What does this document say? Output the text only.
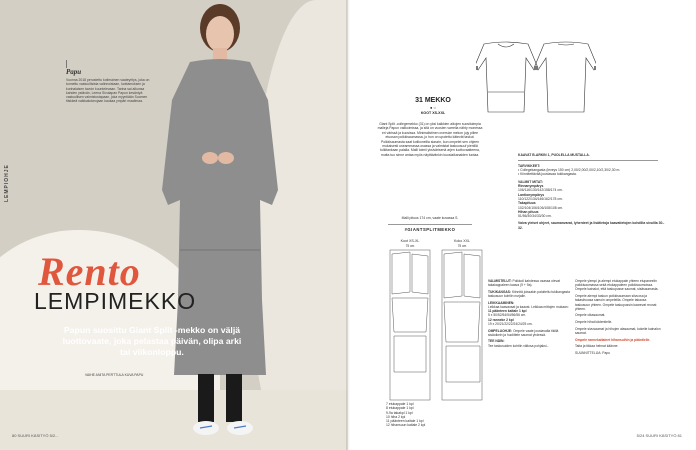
LEMPIOHJE

Papu

Vuonna 2018 perustettu kotimainen vaateyritys, joka on tunnettu vastuullisista valinnoistaan, luottamuksen ja kurinalaisen tavoin kuuntelevaan. Tarina sai alkunsa kahden ystävän, Leena Sivutapan Papun kesäntyä vastuullisen valmistustapaan, joka myyntiään Suomen tiiskkeä vaikkakokeojaan kaukaa ympäri maailmaa.

Rento
LEMPIMEKKO

Papun suosittu Giant Split -mekko on väljä luottovaate, joka pelastaa päivän, olipa arki tai viikonloppu.

VAIHE ANITA PERTTULA KUVA PAPU
80 SUURI KÄSITYÖ 5/2...

31 MEKKO

● ○

KOOT XS-XXL

Giant Split -collegemekko (31) on yksi kaikkien aikojen suosituimpia malleja Papun valikoimissa, ja sitä on vuosien varrella nähty monessa eri värissä ja kuosissa. Minimalistinen oversize mekon jujy piilee etuosan poikkisaumassa, jo hon on upotettu kätevät taskut. Poikkisaumasta saat kotikoneilla siaszin, kun ompelet sen ohjeen mukaisesti useammassa osassa ja valmistat taskuosuuf pienillä tulkitankaan palalla. Malli toimii yksivärisenä arjen luottovaatteena, mutta tuo sinne antaa myös näyttävänkin kuosiaikanaiden tuotaa.

Malli pituus 174 cm, vaate kuvassa S.

#GIANTSPLITMEKKO
Koot XS-XL
75 cm
Koko XXL
75 cm
7 etukappale 1 kpl
8 etukappale 1 kpl
9-9a takakpl 1 kpl
10 hiha 2 kpl
11 päänteen kaitale 1 kpl
12 hihansuun kaitale 2 kpl

KAAVAT B-ARKIN 1, PUOLELLA MUSTALLA.

TARVIKKEET:
• Collegekangasta (leveys 150 cm) 2,00/2,00/2,00/2,10/2,30/2,30 m.
• Kiinnitettävää joustavaa tukikangasta.

VALMIIT MITAT:
Rinnanympärys
106/116/130/142/158/174 cm.
Lantionympärys
110/122/134/146/162/178 cm.
Takapituus
102/104/106/106/108/108 cm.
Hihan pituus
51/56/30/34/33/30 cm.

Vaiva yleiset ohjeet, saumanvarat, lyhenteet ja lisätietoja kaavatietojen kohdilla sivuilla 30–32.

VALMISTELUT: Poikkoil kahdessa osassa olevat takakappaleen kaava (9 + 9a).

TUKIKANGAS: Kiinnitä joissakin paloiteltu tukikangasta taskusuun kohtiin nurjalle.

LEIKKAAMINEN:
Leikkaa kaavaosat ja kaavat. Leikkaa mittojen mukaan:
11 päänteen kaitale 1 kpl
5 x 50/52/54/54/56/56 cm.
12 ranneke 2 kpl
19 x 20/21/22/22/24/24/25 cm.

OMPELUOHJE: Ompele vaate joustavalla tikillä sisäoikein ja huolittele saumat yhdessä.

TEE NÄIN:
Tee taskusuiden kohtiin väliosa pohjaksi...

Ompele ylempi ja alempi etukappale yhteen etupaneelin poikkisaumassa sekä etukappaleen poikkisaumoissa. Ompele kainalot, että taskupusse saumat, sisäsaumasta.

Ompele alempi taskun poikkisaumaan siivuosa ja takasiivuosa samoin ompeleilla. Ompele takaosa taskusuun yhteen. Ompele taskupussin kaarevat reunat yhteen.

Ompele olkasaumat.

Ompele hihat kädentielle.

Ompele sivusaumat ja hihojen alasaumat, kokeile kainalon saumat.

Ompele rannekaitaleet hihansuihin ja pääntielle.

Taita ja tikkaa helmat käänne.

SUUNNITTELIJA: Papu

5/24 SUURI KÄSITYÖ 81
